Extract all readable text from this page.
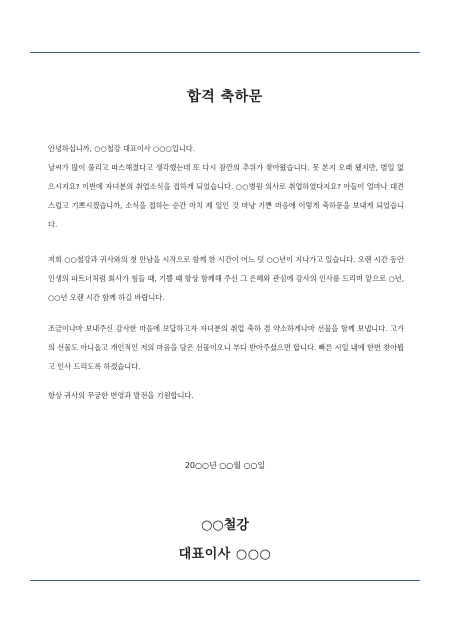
합격 축하문

안녕하십니까, ○○철강 대표이사 ○○○입니다.

날씨가 많이 풀리고 따스해졌다고 생각했는데 또 다시 잠깐의 추위가 찾아왔습니다. 못 본지 오래 됐지만, 별일 없으시지요? 이번에 자녀분의 취업소식을 접하게 되었습니다. ○○병원 의사로 취업하였다지요? 아들이 얼마나 대견스럽고 기쁘시겠습니까, 소식을 접하는 순간 마치 제 일인 것 마냥 기쁜 마음에 이렇게 축하문을 보내게 되었습니다.

저희 ○○철강과 귀사와의 첫 만남을 시작으로 함께 한 시간이 어느 덧 ○○년이 지나가고 있습니다. 오랜 시간 동안 인생의 파트너처럼 회사가 힘들 때, 기쁠 때 항상 함께해 주신 그 은혜와 관심에 감사의 인사를 드리며 앞으로 ○년, ○○년 오랜 시간 함께 하길 바랍니다.

조금이나마 보내주신 감사한 마음에 보답하고자 자녀분의 취업 축하 겸 약소하게나마 선물을 함께 보냅니다. 고가의 선물도 아니옵고 개인적인 저의 마음을 담은 선물이오니 부디 받아주셨으면 합니다. 빠른 시일 내에 한번 찾아뵙고 인사 드리도록 하겠습니다.

항상 귀사의 무궁한 번영과 발전을 기원합니다.

20○○년 ○○월 ○○일
○○철강
대표이사 ○○○
